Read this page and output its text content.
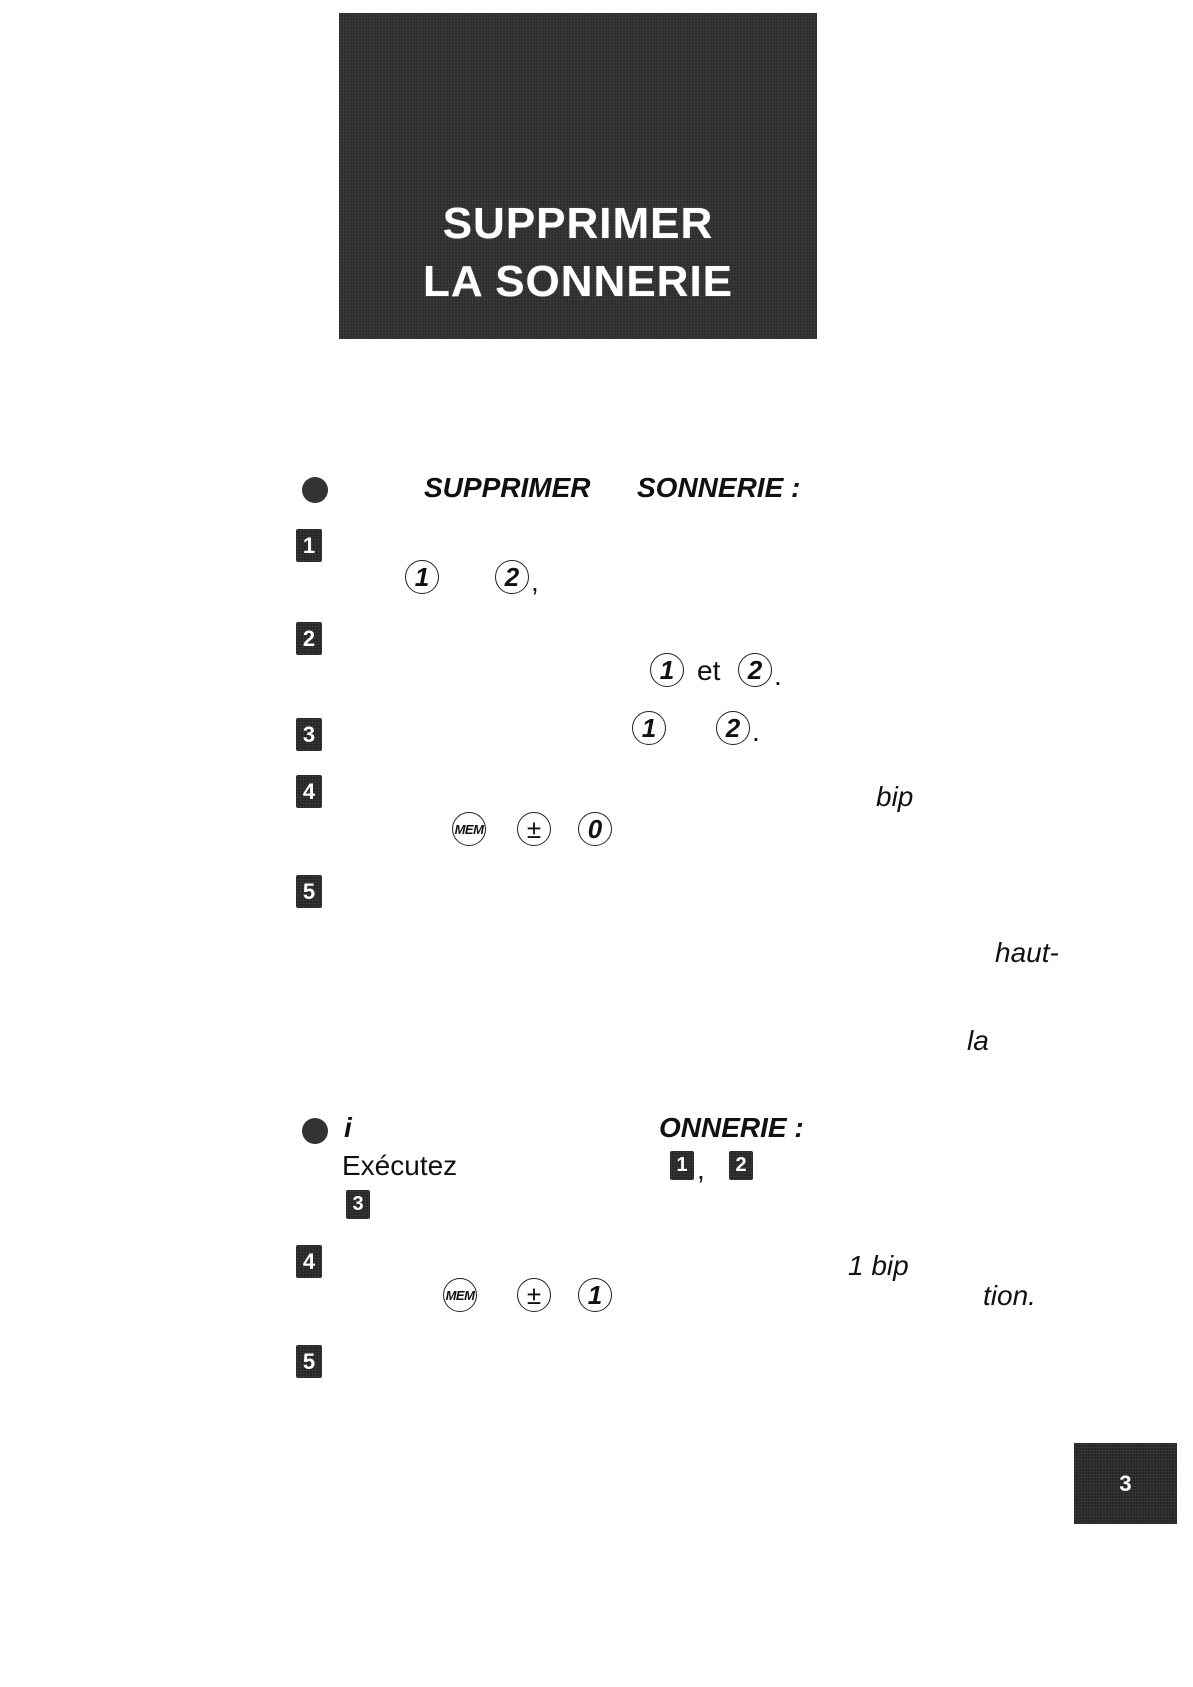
SUPPRIMER
LA SONNERIE
SUPPRIMER SONNERIE :
1
1	2 ,
2
1 et	2 .
3	1	2 .
4	bip
MEM	±	0
5
haut-
la
i	ONNERIE :
Exécutez	1 ,	2
3
4	1 bip
MEM	±	1	tion.
5
3
